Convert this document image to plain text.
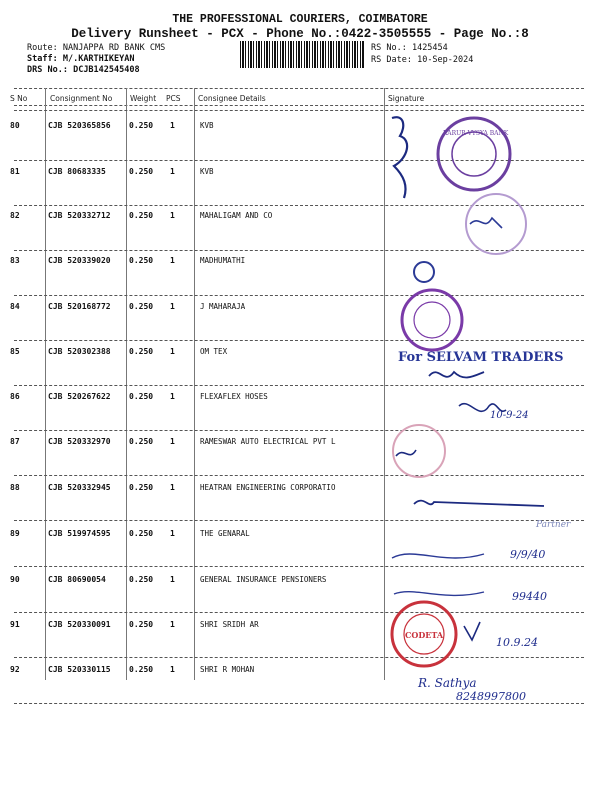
THE PROFESSIONAL COURIERS, COIMBATORE
Delivery Runsheet - PCX - Phone No.:0422-3505555 - Page No.:8
Route: NANJAPPA RD BANK CMS
Staff: M/.KARTHIKEYAN
DRS No.: DCJB142545408
RS No.: 1425454
RS Date: 10-Sep-2024
S No	Consignment No Weight PCS Consignee Details	Signature
80	CJB 520365856 0.250 1	KVB
81	CJB 80683335	0.250 1	KVB
82	CJB 520332712 0.250 1	MAHALIGAM AND CO
83	CJB 520339020 0.250 1	MADHUMATHI
84	CJB 520168772 0.250 1	J MAHARAJA
85	CJB 520302388 0.250 1	OM TEX
86	CJB 520267622 0.250 1	FLEXAFLEX HOSES
87	CJB 520332970 0.250 1	RAMESWAR AUTO ELECTRICAL PVT L
88	CJB 520332945 0.250 1	HEATRAN ENGINEERING CORPORATIO
89	CJB 519974595 0.250 1	THE GENARAL
90	CJB 80690054	0.250 1	GENERAL INSURANCE PENSIONERS
91	CJB 520330091 0.250 1	SHRI SRIDH AR
92	CJB 520330115 0.250 1	SHRI R MOHAN
For SELVAM TRADERS
KARUR VYSYA BANK
10-9-24
Partner
9/9/40
99440
CODETA
10.9.24
R. Sathya
8248997800
